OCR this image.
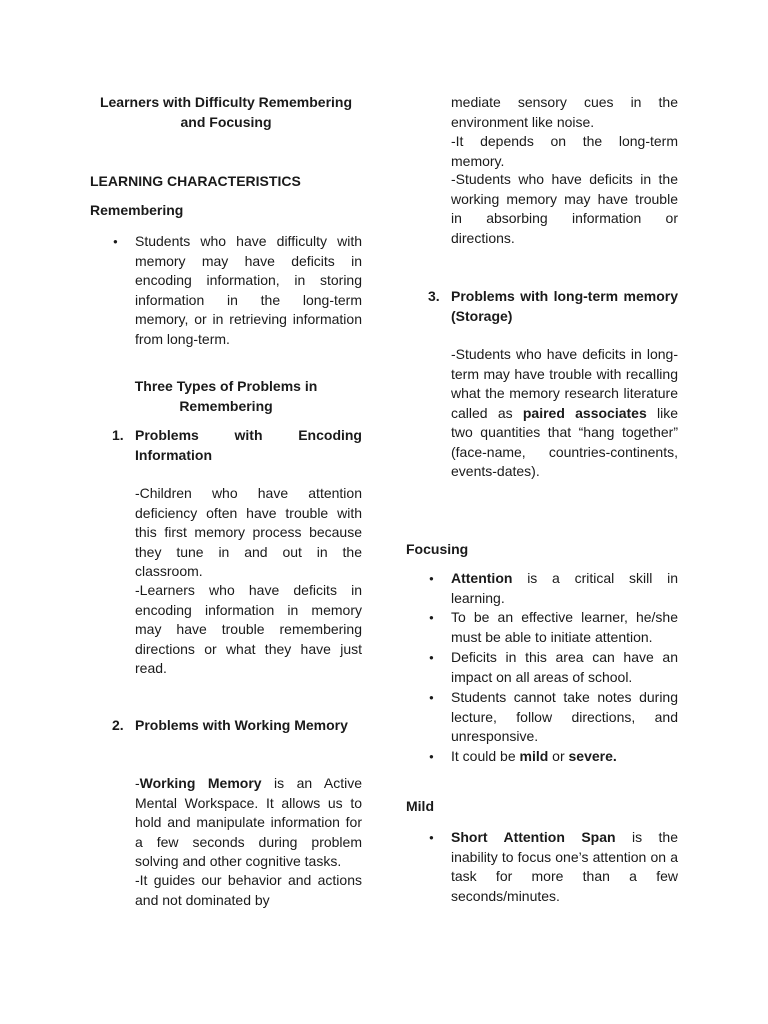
Learners with Difficulty Remembering
and Focusing
LEARNING CHARACTERISTICS
Remembering

Students who have difficulty with memory may have deficits in encoding information, in storing information in the long-term memory, or in retrieving information from long-term.

Three Types of Problems in
Remembering
1. Problems with Encoding Information

-Children who have attention deficiency often have trouble with this first memory process because they tune in and out in the classroom.

-Learners who have deficits in encoding information in memory may have trouble remembering directions or what they have just read.

2. Problems with Working Memory

-Working Memory is an Active Mental Workspace. It allows us to hold and manipulate information for a few seconds during problem solving and other cognitive tasks.

-It guides our behavior and actions and not dominated by

mediate sensory cues in the environment like noise.

-It depends on the long-term memory.

-Students who have deficits in the working memory may have trouble in absorbing information or directions.

3. Problems with long-term memory (Storage)

-Students who have deficits in long-term may have trouble with recalling what the memory research literature called as paired associates like two quantities that “hang together” (face-name, countries-continents, events-dates).

Focusing

Attention is a critical skill in learning.

To be an effective learner, he/she must be able to initiate attention.

Deficits in this area can have an impact on all areas of school.

Students cannot take notes during lecture, follow directions, and unresponsive.

It could be mild or severe.

Mild

Short Attention Span is the inability to focus one’s attention on a task for more than a few seconds/minutes.
